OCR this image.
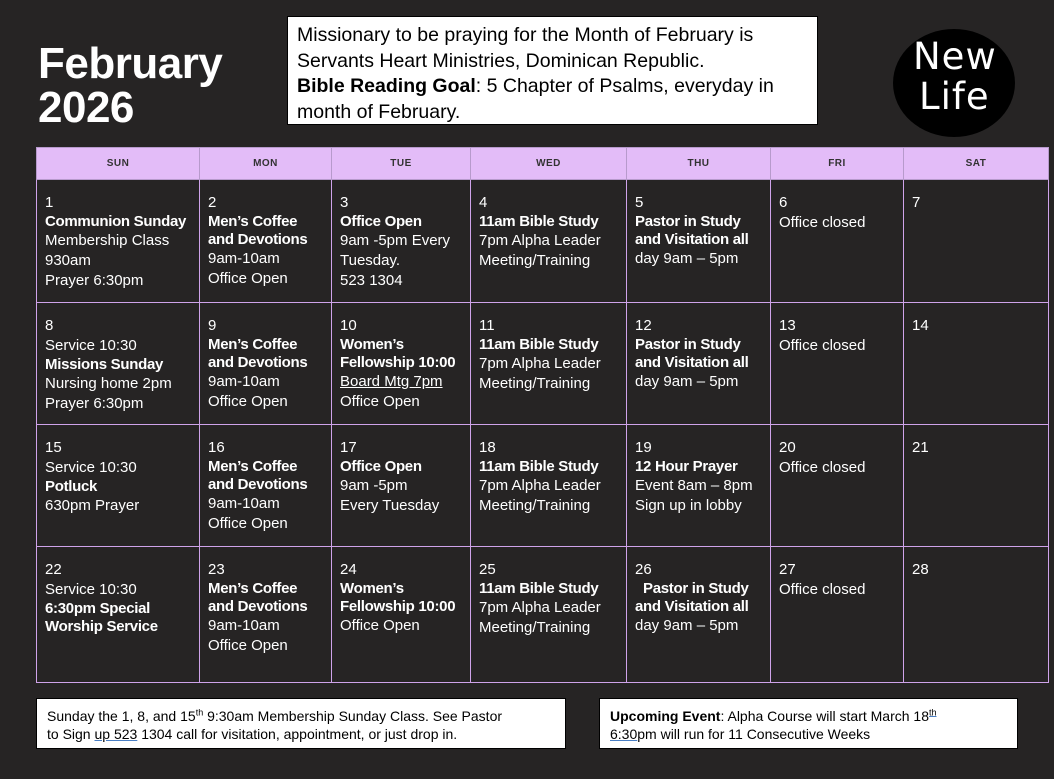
February
2026
Missionary to be praying for the Month of February is
Servants Heart Ministries, Dominican Republic.
Bible Reading Goal: 5 Chapter of Psalms, everyday in
month of February.
New
Life
SUN	MON	TUE	WED	THU	FRI	SAT

1
Communion Sunday
Membership Class
930am
Prayer 6:30pm	2
Men’s Coffee
and Devotions
9am-10am
Office Open	3
Office Open
9am -5pm Every
Tuesday.
523 1304	4
11am Bible Study
7pm Alpha Leader
Meeting/Training	5
Pastor in Study
and Visitation all
day 9am – 5pm	6
Office closed	7

8
Service 10:30
Missions Sunday
Nursing home 2pm
Prayer 6:30pm	9
Men’s Coffee
and Devotions
9am-10am
Office Open	10
Women’s
Fellowship 10:00
Board Mtg 7pm
Office Open	11
11am Bible Study
7pm Alpha Leader
Meeting/Training	12
Pastor in Study
and Visitation all
day 9am – 5pm	13
Office closed	14

15
Service 10:30
Potluck
630pm Prayer	16
Men’s Coffee
and Devotions
9am-10am
Office Open	17
Office Open
9am -5pm
Every Tuesday	18
11am Bible Study
7pm Alpha Leader
Meeting/Training	19
12 Hour Prayer
Event 8am – 8pm
Sign up in lobby	20
Office closed	21

22
Service 10:30
6:30pm Special
Worship Service	23
Men’s Coffee
and Devotions
9am-10am
Office Open	24
Women’s
Fellowship 10:00
Office Open	25
11am Bible Study
7pm Alpha Leader
Meeting/Training	26
Pastor in Study
and Visitation all
day 9am – 5pm	27
Office closed	28
Sunday the 1, 8, and 15th 9:30am Membership Sunday Class. See Pastor
to Sign up 523 1304 call for visitation, appointment, or just drop in.
Upcoming Event: Alpha Course will start March 18th
6:30pm will run for 11 Consecutive Weeks
